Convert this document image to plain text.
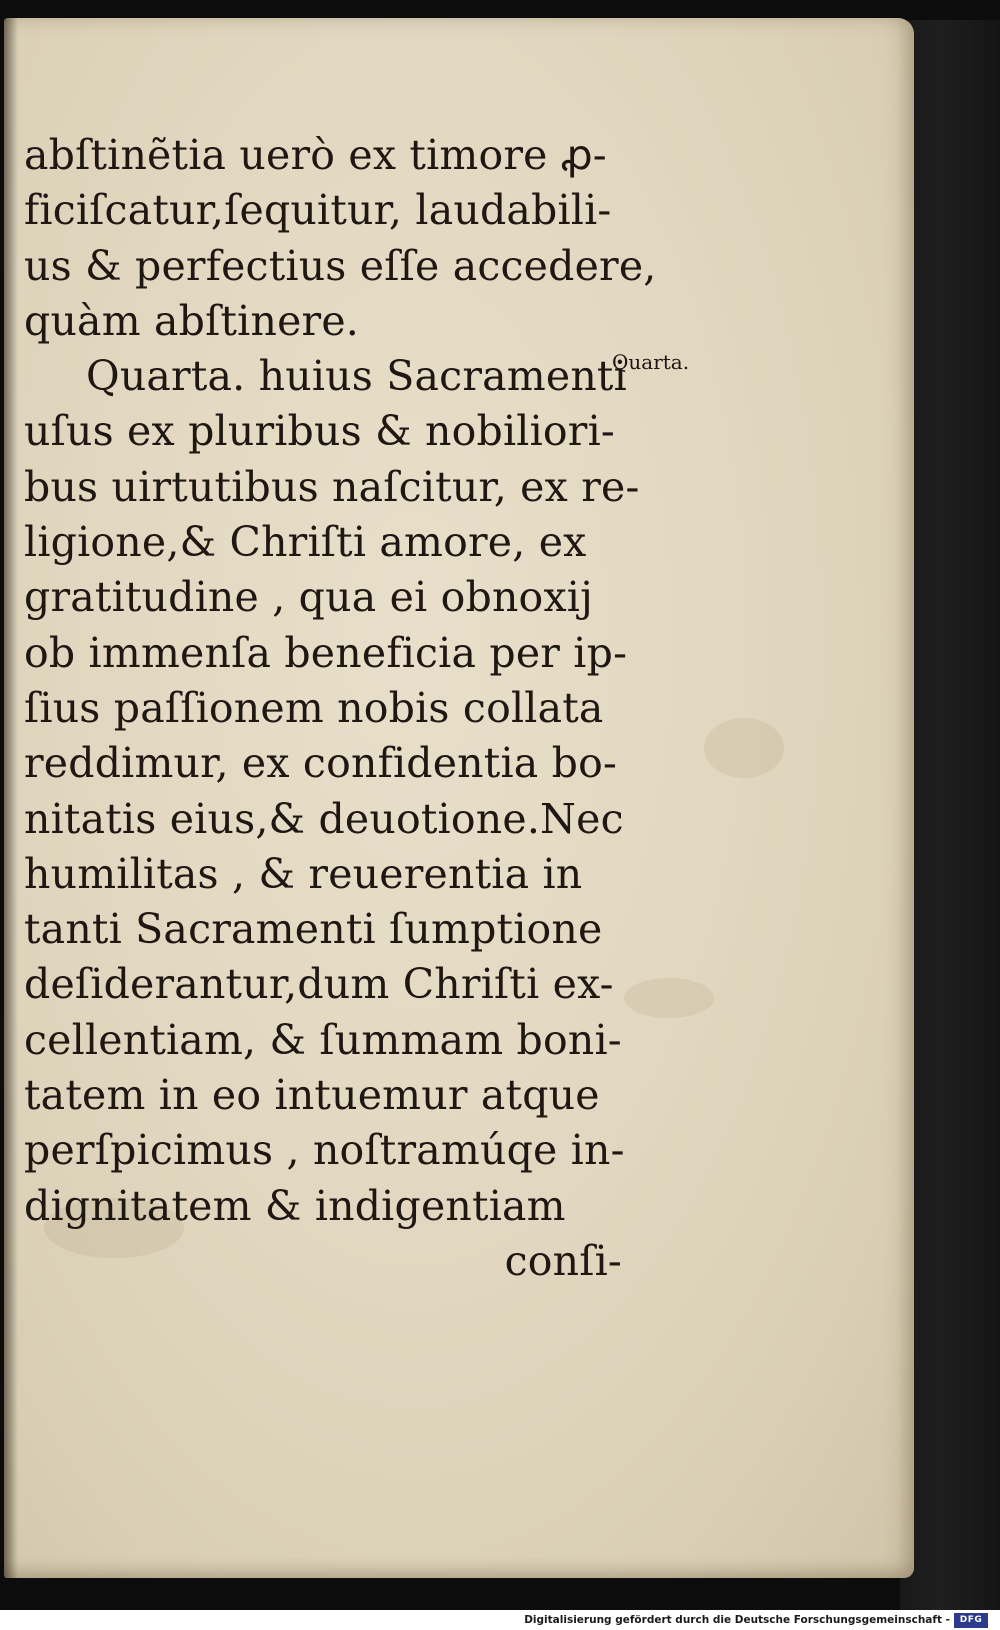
abſtinẽtia uerò ex timore ꝓ-
ficiſcatur,ſequitur, laudabili-
us & perfectius eſſe accedere,
quàm abſtinere.
Quarta. huius Sacramenti
uſus ex pluribus & nobiliori-
bus uirtutibus naſcitur, ex re-
ligione,& Chriſti amore, ex
gratitudine , qua ei obnoxij
ob immenſa beneficia per ip-
ſius paſſionem nobis collata
reddimur, ex confidentia bo-
nitatis eius,& deuotione.Nec
humilitas , & reuerentia in
tanti Sacramenti ſumptione
deſiderantur,dum Chriſti ex-
cellentiam, & ſummam boni-
tatem in eo intuemur atque
perſpicimus , noſtramúqe in-
dignitatem & indigentiam
conſi-
Quarta.
Digitalisierung gefördert durch die Deutsche Forschungsgemeinschaft -	DFG
